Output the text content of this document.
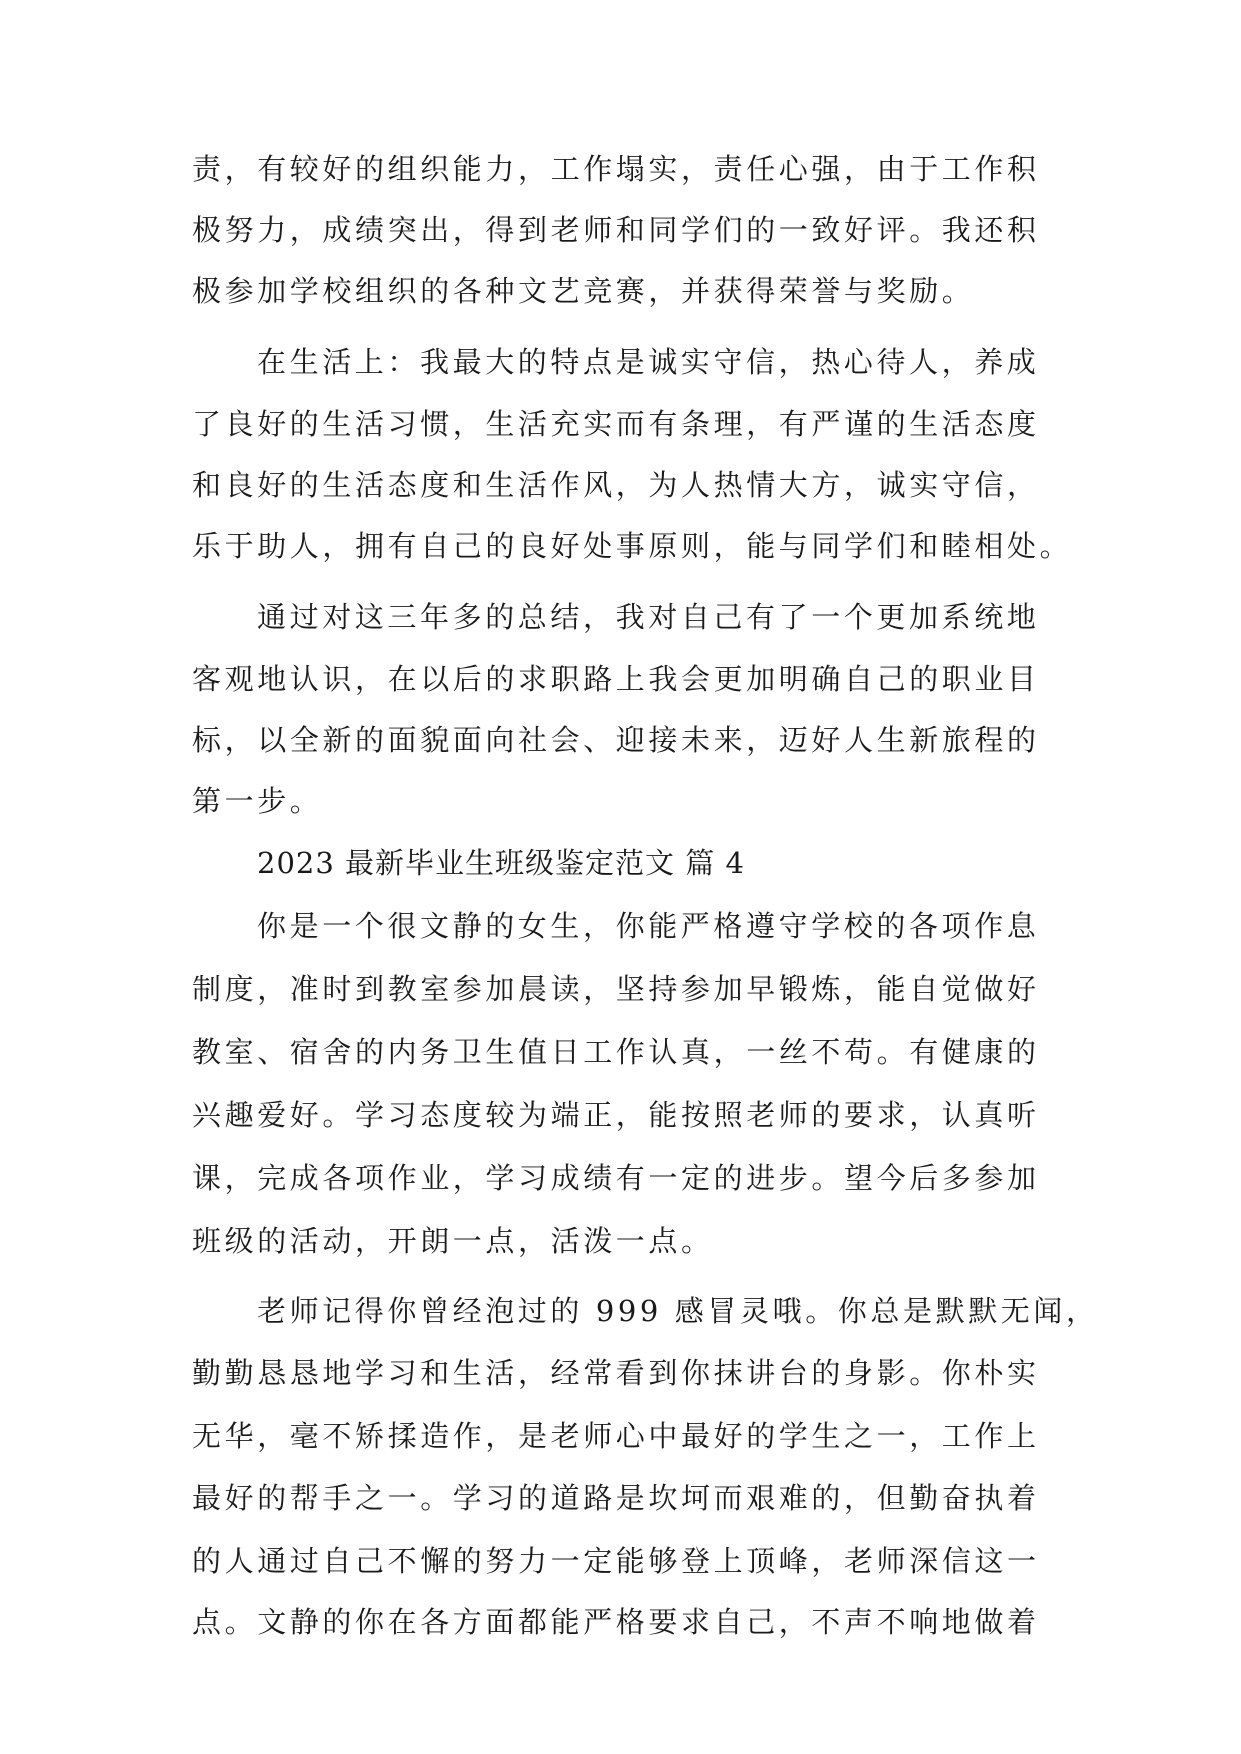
责，有较好的组织能力，工作塌实，责任心强，由于工作积
极努力，成绩突出，得到老师和同学们的一致好评。我还积
极参加学校组织的各种文艺竞赛，并获得荣誉与奖励。
在生活上：我最大的特点是诚实守信，热心待人，养成
了良好的生活习惯，生活充实而有条理，有严谨的生活态度
和良好的生活态度和生活作风，为人热情大方，诚实守信，
乐于助人，拥有自己的良好处事原则，能与同学们和睦相处。
通过对这三年多的总结，我对自己有了一个更加系统地
客观地认识，在以后的求职路上我会更加明确自己的职业目
标，以全新的面貌面向社会、迎接未来，迈好人生新旅程的
第一步。
2023 最新毕业生班级鉴定范文 篇 4
你是一个很文静的女生，你能严格遵守学校的各项作息
制度，准时到教室参加晨读，坚持参加早锻炼，能自觉做好
教室、宿舍的内务卫生值日工作认真，一丝不苟。有健康的
兴趣爱好。学习态度较为端正，能按照老师的要求，认真听
课，完成各项作业，学习成绩有一定的进步。望今后多参加
班级的活动，开朗一点，活泼一点。
老师记得你曾经泡过的 999 感冒灵哦。你总是默默无闻，
勤勤恳恳地学习和生活，经常看到你抹讲台的身影。你朴实
无华，毫不矫揉造作，是老师心中最好的学生之一，工作上
最好的帮手之一。学习的道路是坎坷而艰难的，但勤奋执着
的人通过自己不懈的努力一定能够登上顶峰，老师深信这一
点。文静的你在各方面都能严格要求自己，不声不响地做着
